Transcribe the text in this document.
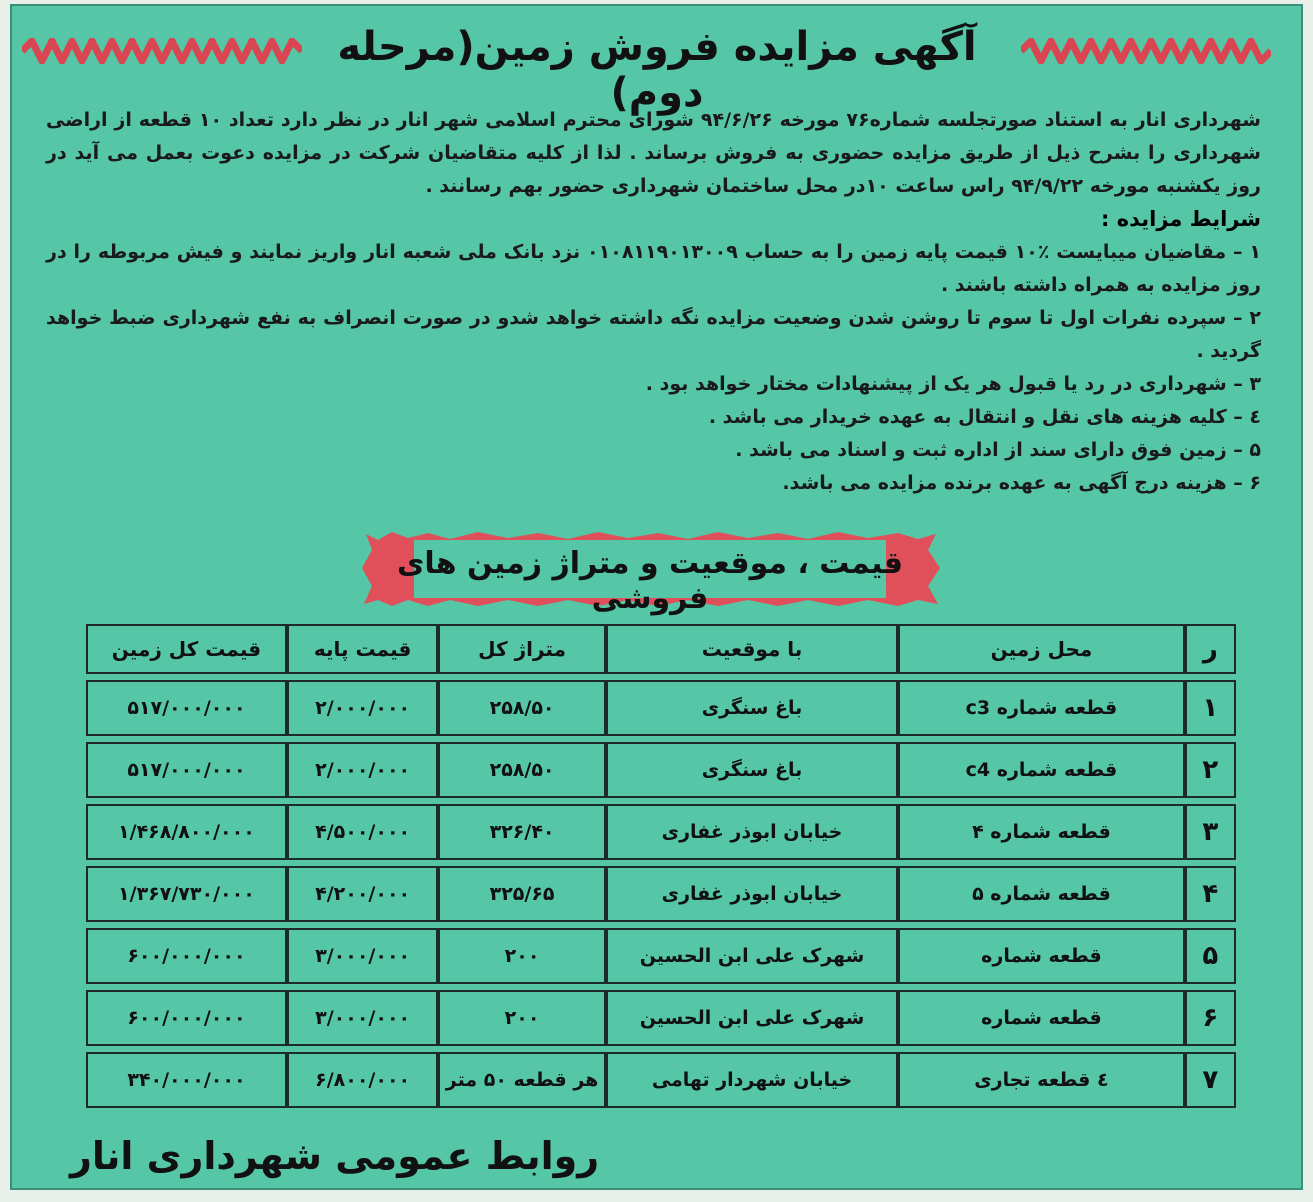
آگهی مزایده فروش زمین(مرحله دوم)

شهرداری انار به استناد صورتجلسه شماره۷۶ مورخه ۹۴/۶/۲۶ شورای محترم اسلامی شهر انار در نظر دارد تعداد ۱۰ قطعه از اراضی شهرداری را بشرح ذیل از طریق مزایده حضوری به فروش برساند . لذا از کلیه متقاضیان شرکت در مزایده دعوت بعمل می آید در روز یکشنبه مورخه ۹۴/۹/۲۲ راس ساعت ۱۰در محل ساختمان شهرداری حضور بهم رسانند .

شرایط مزایده :

۱ – مقاضیان میبایست ٪۱۰ قیمت پایه زمین را به حساب ۰۱۰۸۱۱۹۰۱۳۰۰۹ نزد بانک ملی شعبه انار واریز نمایند و فیش مربوطه را در روز مزایده به همراه داشته باشند .

۲ – سپرده نفرات اول تا سوم تا روشن شدن وضعیت مزایده نگه داشته خواهد شدو در صورت انصراف به نفع شهرداری ضبط خواهد گردید .

۳ – شهرداری در رد یا قبول هر یک از پیشنهادات مختار خواهد بود .

٤ – کلیه هزینه های نقل و انتقال به عهده خریدار می باشد .

۵ – زمین فوق دارای سند از اداره ثبت و اسناد می باشد .

۶ – هزینه درج آگهی به عهده برنده مزایده می باشد.

قیمت ، موقعیت و متراژ زمین های فروشی
ر	محل زمین	با موقعیت	متراژ کل	قیمت پایه	قیمت کل زمین
۱	قطعه شماره c3	باغ سنگری	۲۵۸/۵۰	۲/۰۰۰/۰۰۰	۵۱۷/۰۰۰/۰۰۰
۲	قطعه شماره c4	باغ سنگری	۲۵۸/۵۰	۲/۰۰۰/۰۰۰	۵۱۷/۰۰۰/۰۰۰
۳	قطعه شماره ۴	خیابان ابوذر غفاری	۳۲۶/۴۰	۴/۵۰۰/۰۰۰	۱/۴۶۸/۸۰۰/۰۰۰
۴	قطعه شماره ۵	خیابان ابوذر غفاری	۳۲۵/۶۵	۴/۲۰۰/۰۰۰	۱/۳۶۷/۷۳۰/۰۰۰
۵	قطعه شماره	شهرک علی ابن الحسین	۲۰۰	۳/۰۰۰/۰۰۰	۶۰۰/۰۰۰/۰۰۰
۶	قطعه شماره	شهرک علی ابن الحسین	۲۰۰	۳/۰۰۰/۰۰۰	۶۰۰/۰۰۰/۰۰۰
۷	٤ قطعه تجاری	خیابان شهردار تهامی	هر قطعه ۵۰ متر	۶/۸۰۰/۰۰۰	۳۴۰/۰۰۰/۰۰۰
روابط عمومی شهرداری انار
